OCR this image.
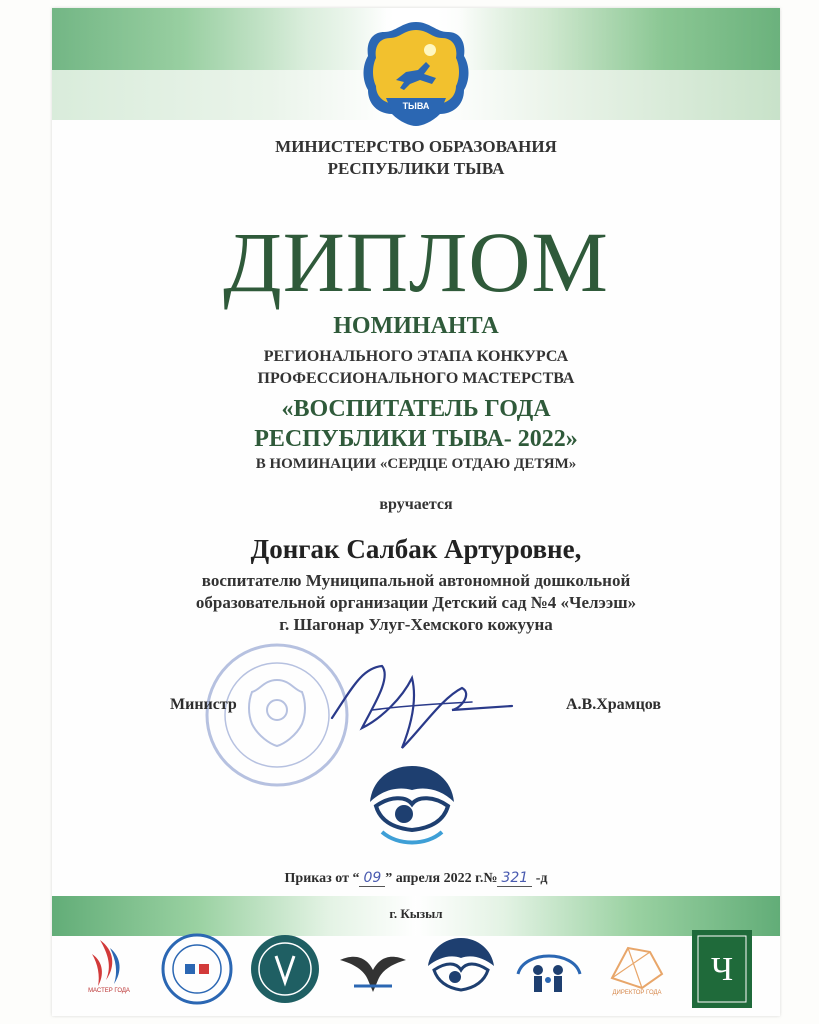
ТЫВА
МИНИСТЕРСТВО ОБРАЗОВАНИЯ
РЕСПУБЛИКИ ТЫВА
ДИПЛОМ
НОМИНАНТА
РЕГИОНАЛЬНОГО ЭТАПА КОНКУРСА
ПРОФЕССИОНАЛЬНОГО МАСТЕРСТВА
«ВОСПИТАТЕЛЬ ГОДА
РЕСПУБЛИКИ ТЫВА- 2022»
В НОМИНАЦИИ «СЕРДЦЕ ОТДАЮ ДЕТЯМ»
вручается
Донгак Салбак Артуровне,
воспитателю Муниципальной автономной дошкольной
образовательной организации Детский сад №4 «Челээш»
г. Шагонар Улуг-Хемского кожууна
Министр	А.В.Храмцов
Приказ от “ 09 ” апреля 2022 г.№ 321 -д
г. Кызыл
МАСТЕР ГОДА	ДИРЕКТОР ГОДА
Ч
